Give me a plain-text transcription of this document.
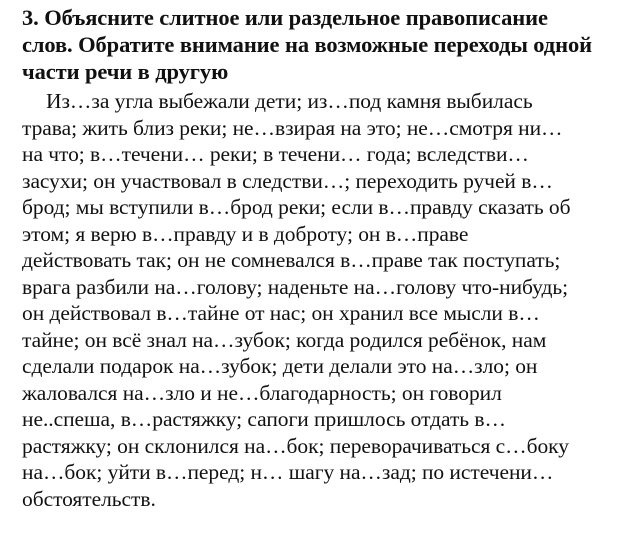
3. Объясните слитное или раздельное правописание
слов. Обратите внимание на возможные переходы одной
части речи в другую
Из…за угла выбежали дети; из…под камня выбилась
трава; жить близ реки; не…взирая на это; не…смотря ни…
на что; в…течени… реки; в течени… года; вследстви…
засухи; он участвовал в следстви…; переходить ручей в…
брод; мы вступили в…брод реки; если в…правду сказать об
этом; я верю в…правду и в доброту; он в…праве
действовать так; он не сомневался в…праве так поступать;
врага разбили на…голову; наденьте на…голову что-нибудь;
он действовал в…тайне от нас; он хранил все мысли в…
тайне; он всё знал на…зубок; когда родился ребёнок, нам
сделали подарок на…зубок; дети делали это на…зло; он
жаловался на…зло и не…благодарность; он говорил
не..спеша, в…растяжку; сапоги пришлось отдать в…
растяжку; он склонился на…бок; переворачиваться с…боку
на…бок; уйти в…перед; н… шагу на…зад; по истечени…
обстоятельств.
